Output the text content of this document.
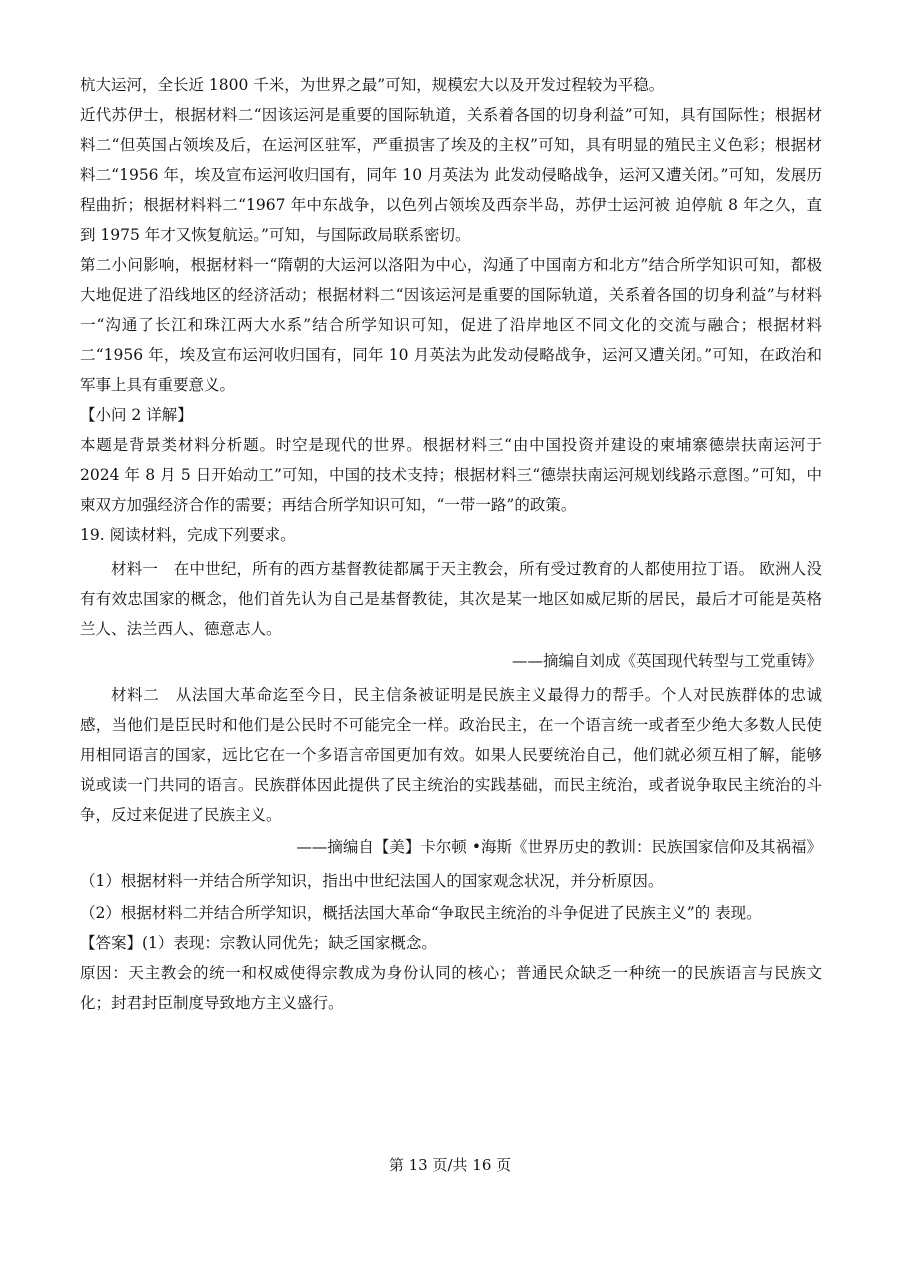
杭大运河，全长近 1800 千米，为世界之最”可知，规模宏大以及开发过程较为平稳。

近代苏伊士，根据材料二“因该运河是重要的国际轨道，关系着各国的切身利益”可知，具有国际性；根据材料二“但英国占领埃及后，在运河区驻军，严重损害了埃及的主权”可知，具有明显的殖民主义色彩；根据材料二“1956 年，埃及宣布运河收归国有，同年 10 月英法为 此发动侵略战争，运河又遭关闭。”可知，发展历程曲折；根据材料料二“1967 年中东战争，以色列占领埃及西奈半岛，苏伊士运河被 迫停航 8 年之久，直到 1975 年才又恢复航运。”可知，与国际政局联系密切。

第二小问影响，根据材料一“隋朝的大运河以洛阳为中心，沟通了中国南方和北方”结合所学知识可知，都极大地促进了沿线地区的经济活动；根据材料二“因该运河是重要的国际轨道，关系着各国的切身利益”与材料一“沟通了长江和珠江两大水系”结合所学知识可知，促进了沿岸地区不同文化的交流与融合；根据材料二“1956 年，埃及宣布运河收归国有，同年 10 月英法为此发动侵略战争，运河又遭关闭。”可知，在政治和军事上具有重要意义。

【小问 2 详解】

本题是背景类材料分析题。时空是现代的世界。根据材料三“由中国投资并建设的柬埔寨德崇扶南运河于 2024 年 8 月 5 日开始动工”可知，中国的技术支持；根据材料三“德崇扶南运河规划线路示意图。”可知，中柬双方加强经济合作的需要；再结合所学知识可知，“一带一路”的政策。

19. 阅读材料，完成下列要求。

材料一　在中世纪，所有的西方基督教徒都属于天主教会，所有受过教育的人都使用拉丁语。 欧洲人没有有效忠国家的概念，他们首先认为自己是基督教徒，其次是某一地区如威尼斯的居民，最后才可能是英格兰人、法兰西人、德意志人。

——摘编自刘成《英国现代转型与工党重铸》

材料二　从法国大革命迄至今日，民主信条被证明是民族主义最得力的帮手。个人对民族群体的忠诚感，当他们是臣民时和他们是公民时不可能完全一样。政治民主，在一个语言统一或者至少绝大多数人民使用相同语言的国家，远比它在一个多语言帝国更加有效。如果人民要统治自己，他们就必须互相了解，能够说或读一门共同的语言。民族群体因此提供了民主统治的实践基础，而民主统治，或者说争取民主统治的斗争，反过来促进了民族主义。

——摘编自【美】卡尔顿 •海斯《世界历史的教训：民族国家信仰及其祸福》

（1）根据材料一并结合所学知识，指出中世纪法国人的国家观念状况，并分析原因。

（2）根据材料二并结合所学知识，概括法国大革命“争取民主统治的斗争促进了民族主义”的 表现。

【答案】(1）表现：宗教认同优先；缺乏国家概念。

原因：天主教会的统一和权威使得宗教成为身份认同的核心；普通民众缺乏一种统一的民族语言与民族文化；封君封臣制度导致地方主义盛行。

第 13 页/共 16 页
